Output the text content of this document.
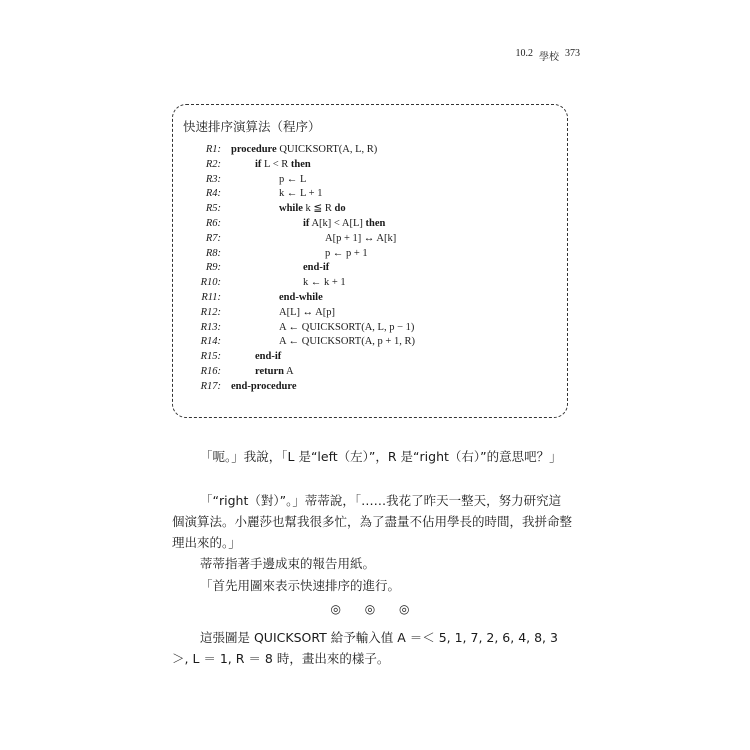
10.2 學校 373
快速排序演算法（程序）
R1: procedure QUICKSORT(A, L, R)
R2:	if L < R then
R3:	p ← L
R4:	k ← L + 1
R5:	while k ≦ R do
R6:	if A[k] < A[L] then
R7:	A[p + 1] ↔ A[k]
R8:	p ← p + 1
R9:	end-if
R10:	k ← k + 1
R11:	end-while
R12:	A[L] ↔ A[p]
R13:	A ← QUICKSORT(A, L, p − 1)
R14:	A ← QUICKSORT(A, p + 1, R)
R15:	end-if
R16:	return A
R17: end-procedure

「呃。」我說，「L 是“left（左）”，R 是“right（右）”的意思吧？」

「“right（對）”。」蒂蒂說，「……我花了昨天一整天，努力研究這個演算法。小麗莎也幫我很多忙，為了盡量不佔用學長的時間，我拼命整理出來的。」

蒂蒂指著手邊成束的報告用紙。

「首先用圖來表示快速排序的進行。

◎ ◎ ◎

這張圖是 QUICKSORT 給予輸入值 A ＝＜ 5, 1, 7, 2, 6, 4, 8, 3 ＞, L ＝ 1, R ＝ 8 時，畫出來的樣子。
